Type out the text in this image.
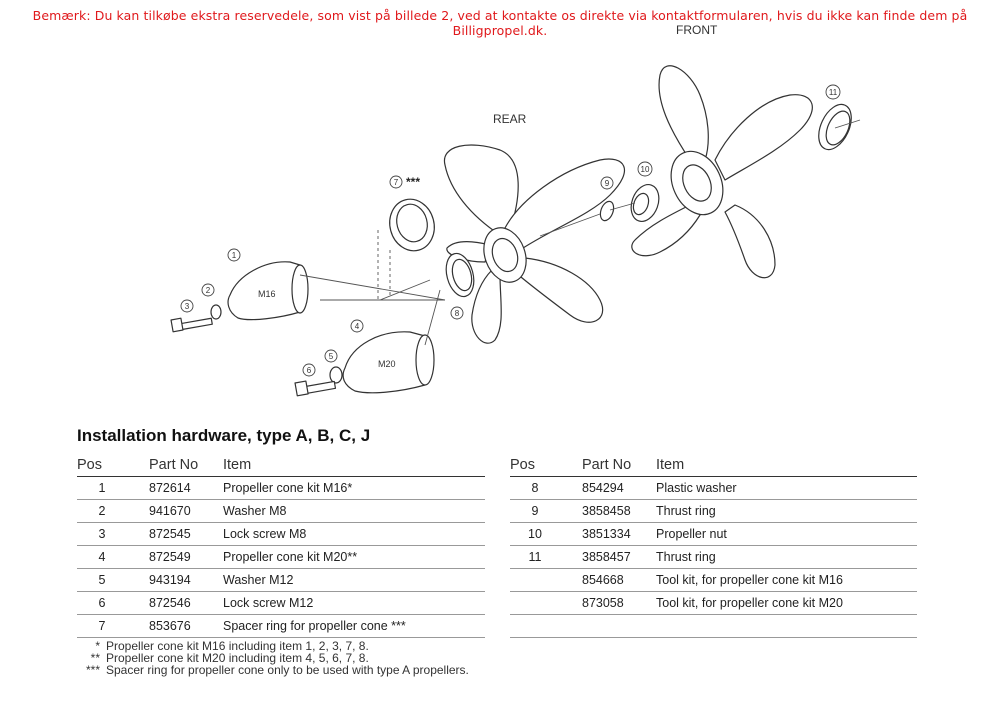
Bemærk: Du kan tilkøbe ekstra reservedele, som vist på billede 2, ved at kontakte os direkte via kontaktformularen, hvis du ikke kan finde dem på Billigpropel.dk.	FRONT
REAR
M16
M20
***
1
2
3
4
5
6
7
8
9
10
11
Installation hardware, type A, B, C, J
Pos	Part No	Item
1	872614	Propeller cone kit M16*
2	941670	Washer M8
3	872545	Lock screw M8
4	872549	Propeller cone kit M20**
5	943194	Washer M12
6	872546	Lock screw M12
7	853676	Spacer ring for propeller cone ***
Pos	Part No	Item
8	854294	Plastic washer
9	3858458	Thrust ring
10	3851334	Propeller nut
11	3858457	Thrust ring
	854668	Tool kit, for propeller cone kit M16
	873058	Tool kit, for propeller cone kit M20

* Propeller cone kit M16 including item 1, 2, 3, 7, 8.
** Propeller cone kit M20 including item 4, 5, 6, 7, 8.
*** Spacer ring for propeller cone only to be used with type A propellers.
